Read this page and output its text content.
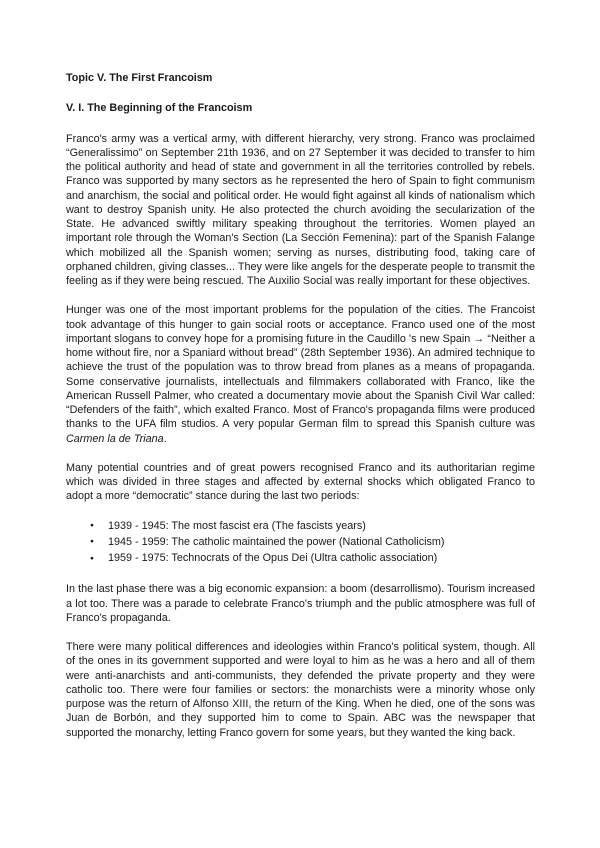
Topic V. The First Francoism
V. I. The Beginning of the Francoism

Franco's army was a vertical army, with different hierarchy, very strong. Franco was proclaimed “Generalissimo” on September 21th 1936, and on 27 September it was decided to transfer to him the political authority and head of state and government in all the territories controlled by rebels. Franco was supported by many sectors as he represented the hero of Spain to fight communism and anarchism, the social and political order. He would fight against all kinds of nationalism which want to destroy Spanish unity. He also protected the church avoiding the secularization of the State. He advanced swiftly military speaking throughout the territories. Women played an important role through the Woman's Section (La Sección Femenina): part of the Spanish Falange which mobilized all the Spanish women; serving as nurses, distributing food, taking care of orphaned children, giving classes... They were like angels for the desperate people to transmit the feeling as if they were being rescued. The Auxilio Social was really important for these objectives.

Hunger was one of the most important problems for the population of the cities. The Francoist took advantage of this hunger to gain social roots or acceptance. Franco used one of the most important slogans to convey hope for a promising future in the Caudillo 's new Spain → “Neither a home without fire, nor a Spaniard without bread” (28th September 1936). An admired technique to achieve the trust of the population was to throw bread from planes as a means of propaganda. Some conservative journalists, intellectuals and filmmakers collaborated with Franco, like the American Russell Palmer, who created a documentary movie about the Spanish Civil War called: “Defenders of the faith”, which exalted Franco. Most of Franco's propaganda films were produced thanks to the UFA film studios. A very popular German film to spread this Spanish culture was Carmen la de Triana.

Many potential countries and of great powers recognised Franco and its authoritarian regime which was divided in three stages and affected by external shocks which obligated Franco to adopt a more “democratic” stance during the last two periods:

●	1939 - 1945: The most fascist era (The fascists years)
●	1945 - 1959: The catholic maintained the power (National Catholicism)
●	1959 - 1975: Technocrats of the Opus Dei (Ultra catholic association)

In the last phase there was a big economic expansion: a boom (desarrollismo). Tourism increased a lot too. There was a parade to celebrate Franco's triumph and the public atmosphere was full of Franco's propaganda.

There were many political differences and ideologies within Franco's political system, though. All of the ones in its government supported and were loyal to him as he was a hero and all of them were anti-anarchists and anti-communists, they defended the private property and they were catholic too. There were four families or sectors: the monarchists were a minority whose only purpose was the return of Alfonso XIII, the return of the King. When he died, one of the sons was Juan de Borbón, and they supported him to come to Spain. ABC was the newspaper that supported the monarchy, letting Franco govern for some years, but they wanted the king back.
